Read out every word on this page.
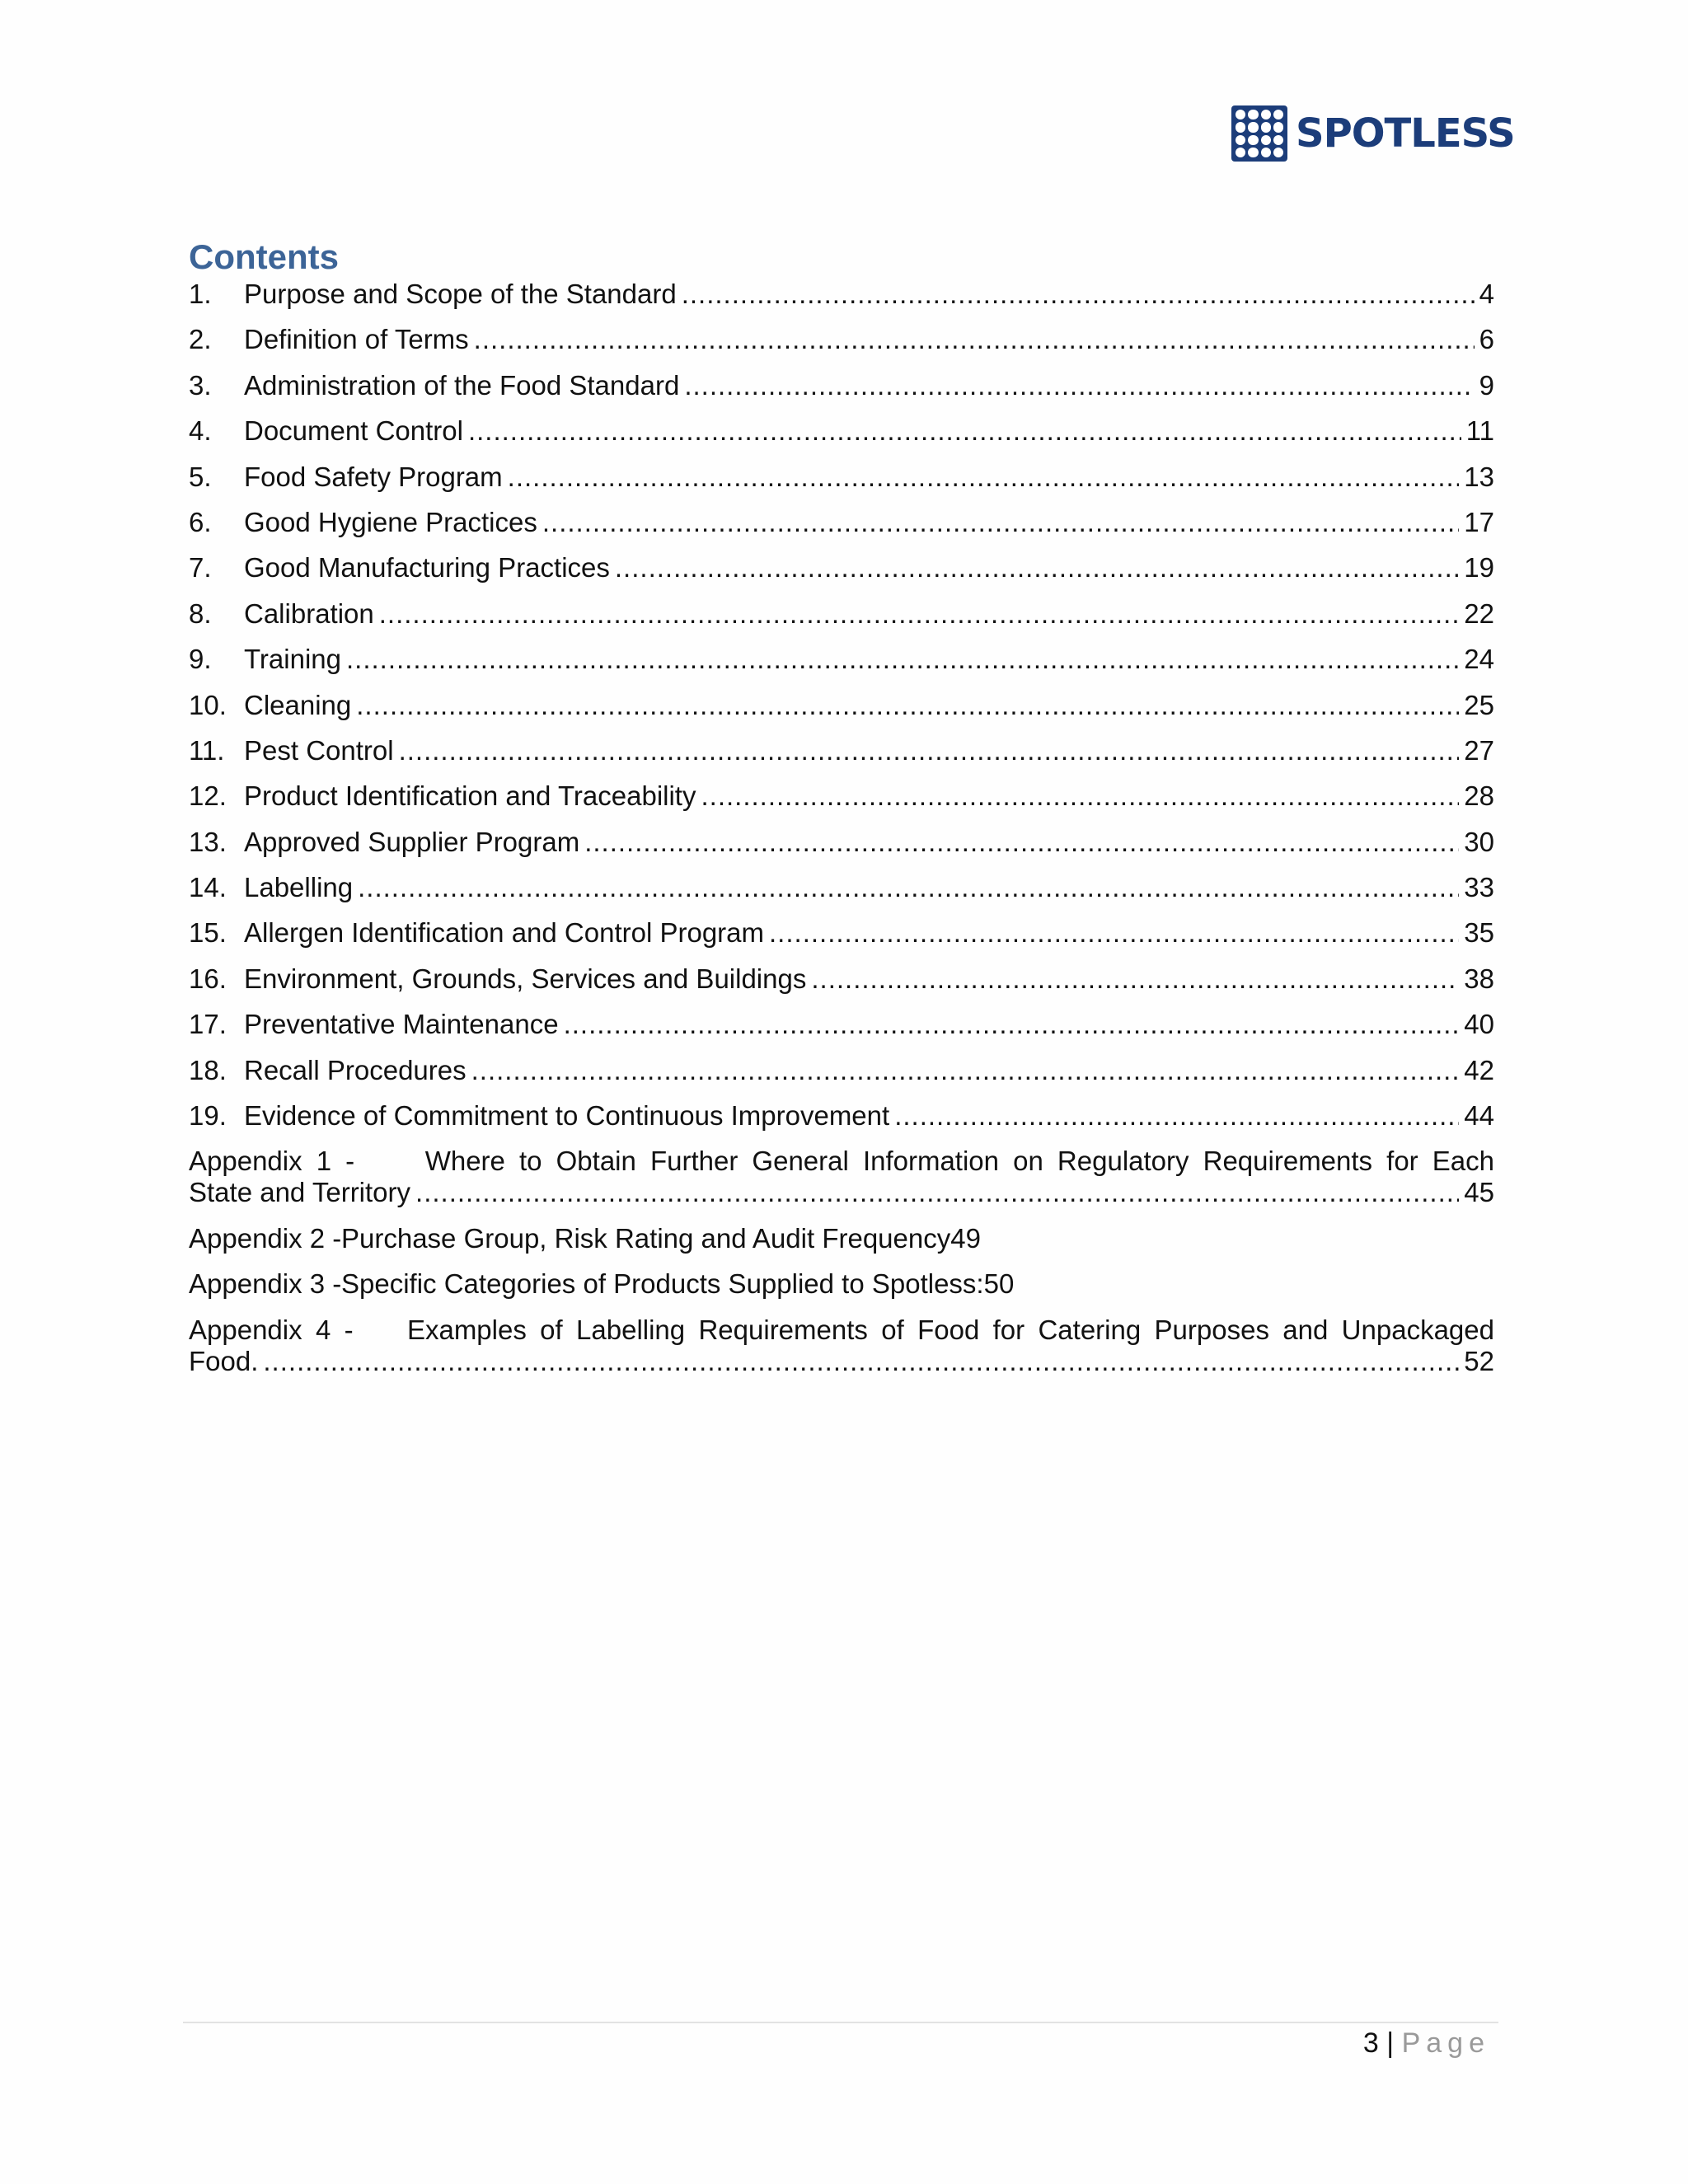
SPOTLESS
Contents
1.	Purpose and Scope of the Standard .....	4
2.	Definition of Terms .....	6
3.	Administration of the Food Standard .....	9
4.	Document Control .....	11
5.	Food Safety Program .....	13
6.	Good Hygiene Practices .....	17
7.	Good Manufacturing Practices .....	19
8.	Calibration .....	22
9.	Training .....	24
10. Cleaning .....	25
11. Pest Control .....	27
12. Product Identification and Traceability .....	28
13. Approved Supplier Program .....	30
14. Labelling .....	33
15. Allergen Identification and Control Program .....	35
16. Environment, Grounds, Services and Buildings .....	38
17. Preventative Maintenance .....	40
18. Recall Procedures .....	42
19. Evidence of Commitment to Continuous Improvement .....	44
Appendix 1 -	Where to Obtain Further General Information on Regulatory Requirements for Each
State and Territory .....	45
Appendix 2 - Purchase Group, Risk Rating and Audit Frequency 49
Appendix 3 - Specific Categories of Products Supplied to Spotless: 50
Appendix 4 - Examples of Labelling Requirements of Food for Catering Purposes and Unpackaged
Food. .....	52
3 | Page
